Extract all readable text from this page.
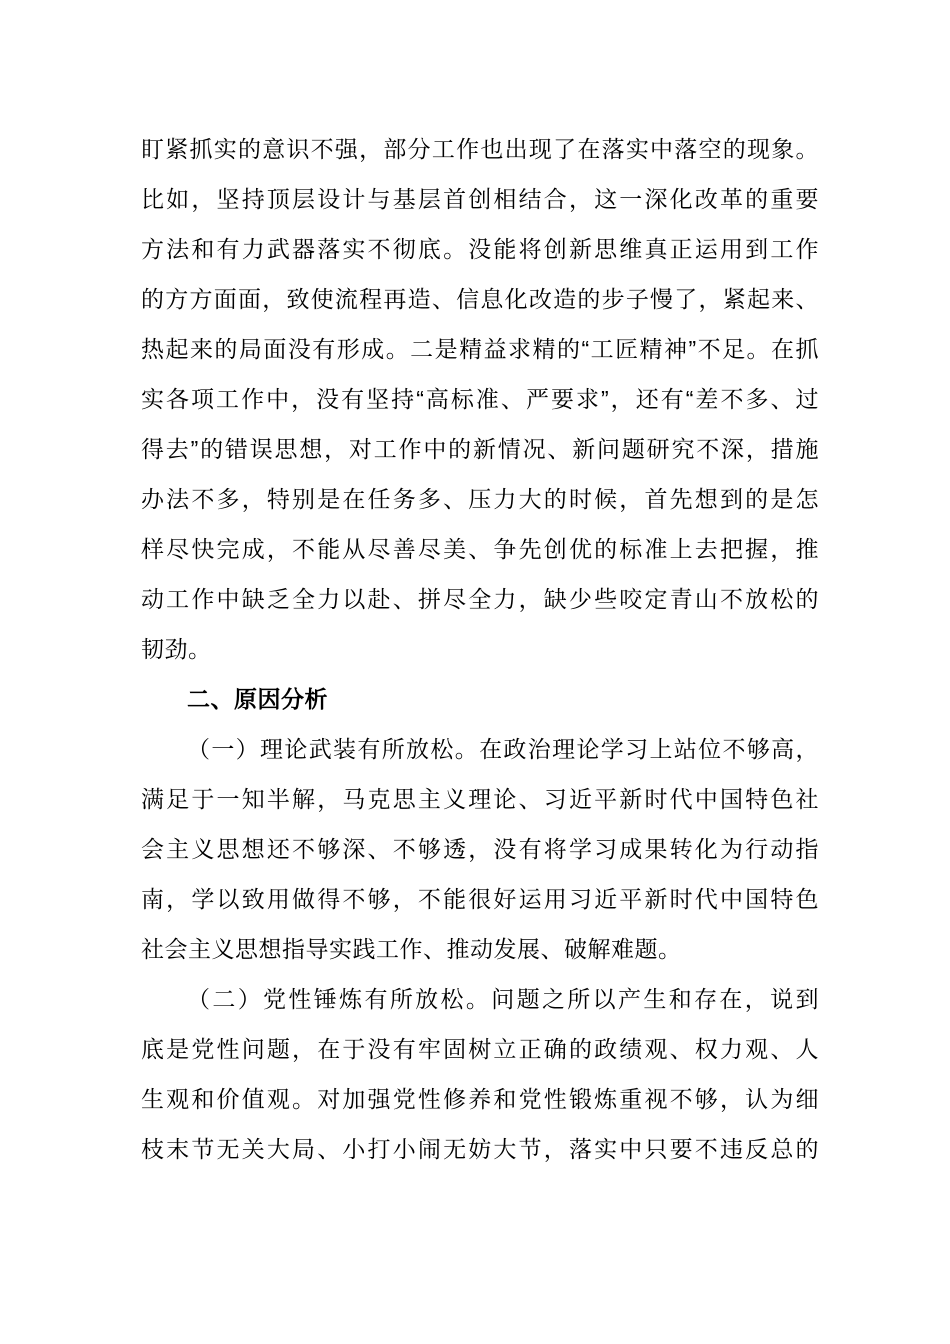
盯紧抓实的意识不强，部分工作也出现了在落实中落空的现象。
比如，坚持顶层设计与基层首创相结合，这一深化改革的重要
方法和有力武器落实不彻底。没能将创新思维真正运用到工作
的方方面面，致使流程再造、信息化改造的步子慢了，紧起来、
热起来的局面没有形成。二是精益求精的“工匠精神”不足。在抓
实各项工作中，没有坚持“高标准、严要求”，还有“差不多、过
得去”的错误思想，对工作中的新情况、新问题研究不深，措施
办法不多，特别是在任务多、压力大的时候，首先想到的是怎
样尽快完成，不能从尽善尽美、争先创优的标准上去把握，推
动工作中缺乏全力以赴、拼尽全力，缺少些咬定青山不放松的
韧劲。
二、原因分析
（一）理论武装有所放松。在政治理论学习上站位不够高，
满足于一知半解，马克思主义理论、习近平新时代中国特色社
会主义思想还不够深、不够透，没有将学习成果转化为行动指
南，学以致用做得不够，不能很好运用习近平新时代中国特色
社会主义思想指导实践工作、推动发展、破解难题。
（二）党性锤炼有所放松。问题之所以产生和存在，说到
底是党性问题，在于没有牢固树立正确的政绩观、权力观、人
生观和价值观。对加强党性修养和党性锻炼重视不够，认为细
枝末节无关大局、小打小闹无妨大节，落实中只要不违反总的
